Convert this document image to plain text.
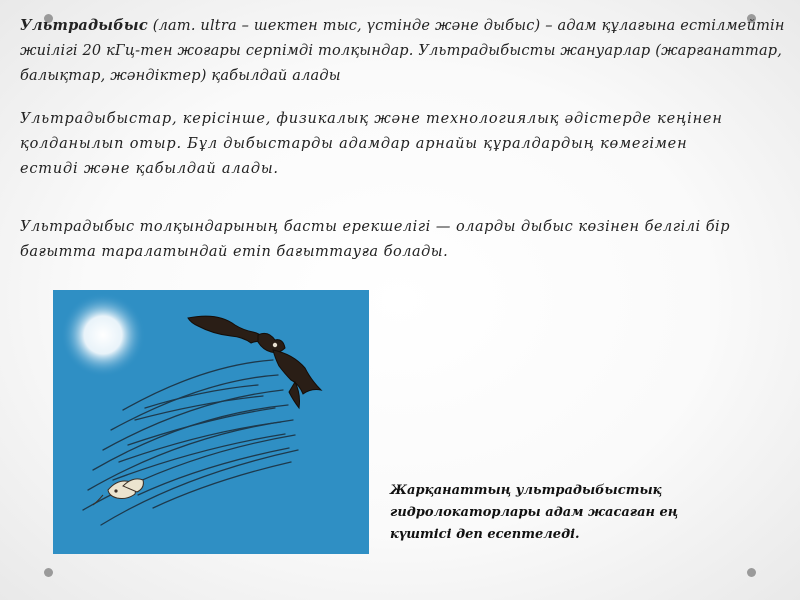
Ультрадыбыс (лат. ultra – шектен тыс, үстінде және дыбыс) – адам құлағына естілмейтін жиілігі 20 кГц-тен жоғары серпімді толқындар. Ультрадыбысты жануарлар (жарғанаттар, балықтар, жәндіктер) қабылдай алады

Ультрадыбыстар, керісінше, физикалық және технологиялық әдістерде кеңінен қолданылып отыр. Бұл дыбыстарды адамдар арнайы құралдардың көмегімен естиді және қабылдай алады.

Ультрадыбыс толқындарының басты ерекшелігі — оларды дыбыс көзінен белгілі бір бағытта таралатындай етіп бағыттауға болады.

Жарқанаттың ультрадыбыстық гидролокаторлары адам жасаған ең күштісі деп есептеледі.
